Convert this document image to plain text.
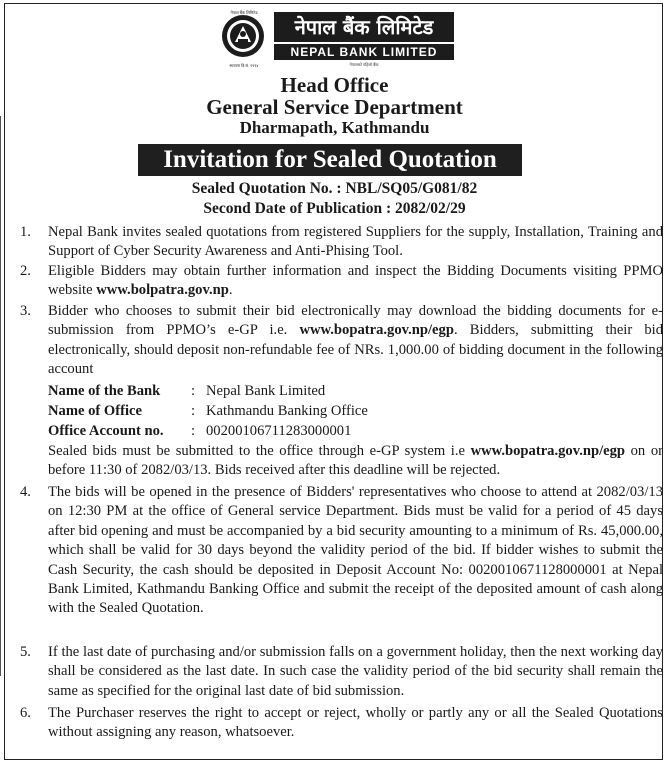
नेपाल बैंक लिमिटेड
स्थापना वि.सं. १९९४
नेपाल बैंक लिमिटेड
NEPAL BANK LIMITED
नेपालको पहिलो बैंक
Head Office
General Service Department
Dharmapath, Kathmandu
Invitation for Sealed Quotation
Sealed Quotation No. : NBL/SQ05/G081/82
Second Date of Publication : 2082/02/29
1.	Nepal Bank invites sealed quotations from registered Suppliers for the supply, Installation, Training and Support of Cyber Security Awareness and Anti-Phising Tool.
2.	Eligible Bidders may obtain further information and inspect the Bidding Documents visiting PPMO website www.bolpatra.gov.np.
3.	Bidder who chooses to submit their bid electronically may download the bidding documents for e-submission from PPMO’s e-GP i.e. www.bopatra.gov.np/egp. Bidders, submitting their bid electronically, should deposit non-refundable fee of NRs. 1,000.00 of bidding document in the following account
Name of the Bank	: Nepal Bank Limited
Name of Office	: Kathmandu Banking Office
Office Account no.	: 00200106711283000001
Sealed bids must be submitted to the office through e-GP system i.e www.bopatra.gov.np/egp on or before 11:30 of 2082/03/13. Bids received after this deadline will be rejected.
4.	The bids will be opened in the presence of Bidders' representatives who choose to attend at 2082/03/13 on 12:30 PM at the office of General service Department. Bids must be valid for a period of 45 days after bid opening and must be accompanied by a bid security amounting to a minimum of Rs. 45,000.00, which shall be valid for 30 days beyond the validity period of the bid. If bidder wishes to submit the Cash Security, the cash should be deposited in Deposit Account No: 0020010671128000001 at Nepal Bank Limited, Kathmandu Banking Office and submit the receipt of the deposited amount of cash along with the Sealed Quotation.
5.	If the last date of purchasing and/or submission falls on a government holiday, then the next working day shall be considered as the last date. In such case the validity period of the bid security shall remain the same as specified for the original last date of bid submission.
6.	The Purchaser reserves the right to accept or reject, wholly or partly any or all the Sealed Quotations without assigning any reason, whatsoever.
